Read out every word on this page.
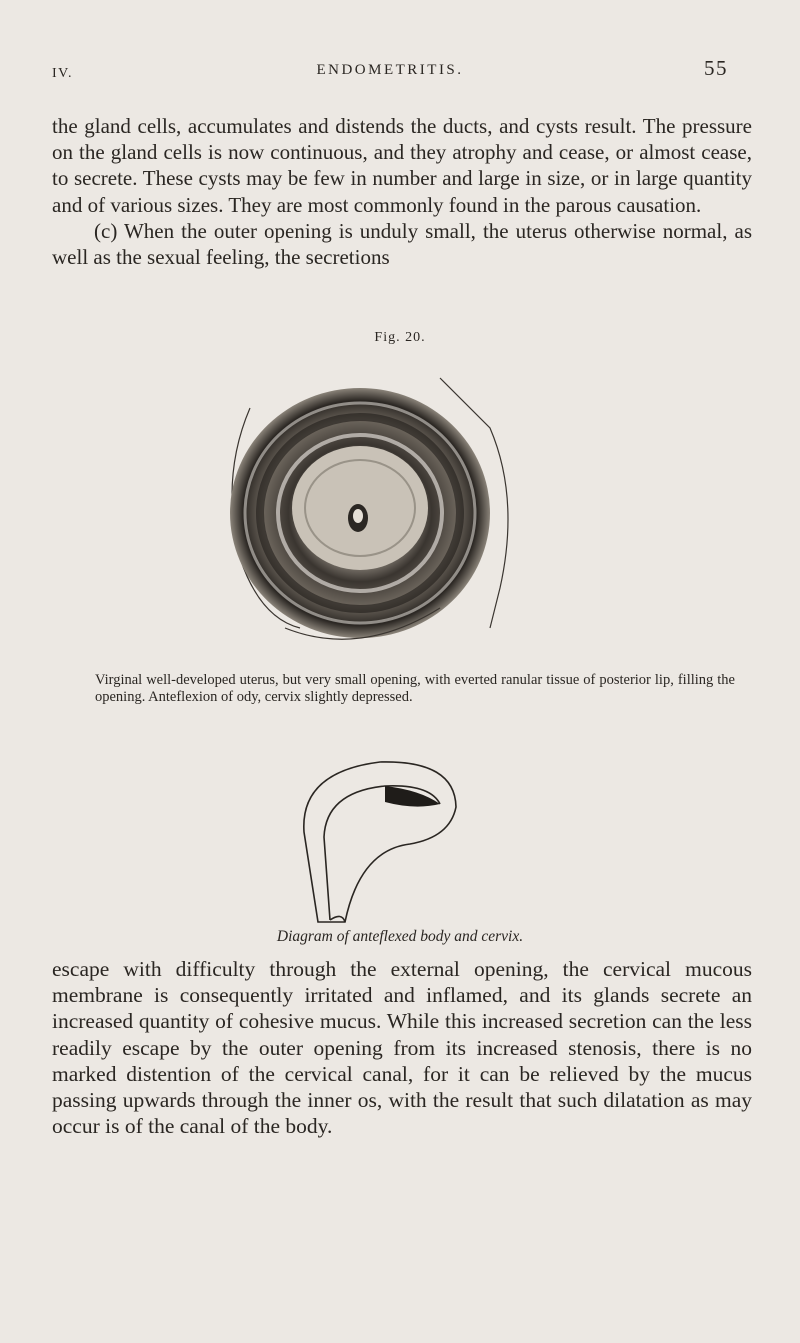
IV.	ENDOMETRITIS.	55

the gland cells, accumulates and distends the ducts, and cysts result. The pressure on the gland cells is now continuous, and they atrophy and cease, or almost cease, to secrete. These cysts may be few in number and large in size, or in large quantity and of various sizes. They are most commonly found in the parous causation.

(c) When the outer opening is unduly small, the uterus otherwise normal, as well as the sexual feeling, the secretions

Fig. 20.
Virginal well-developed uterus, but very small opening, with everted ranular tissue of posterior lip, filling the opening. Anteflexion of ody, cervix slightly depressed.
Diagram of anteflexed body and cervix.

escape with difficulty through the external opening, the cervical mucous membrane is consequently irritated and inflamed, and its glands secrete an increased quantity of cohesive mucus. While this increased secretion can the less readily escape by the outer opening from its increased stenosis, there is no marked distention of the cervical canal, for it can be relieved by the mucus passing upwards through the inner os, with the result that such dilatation as may occur is of the canal of the body.
